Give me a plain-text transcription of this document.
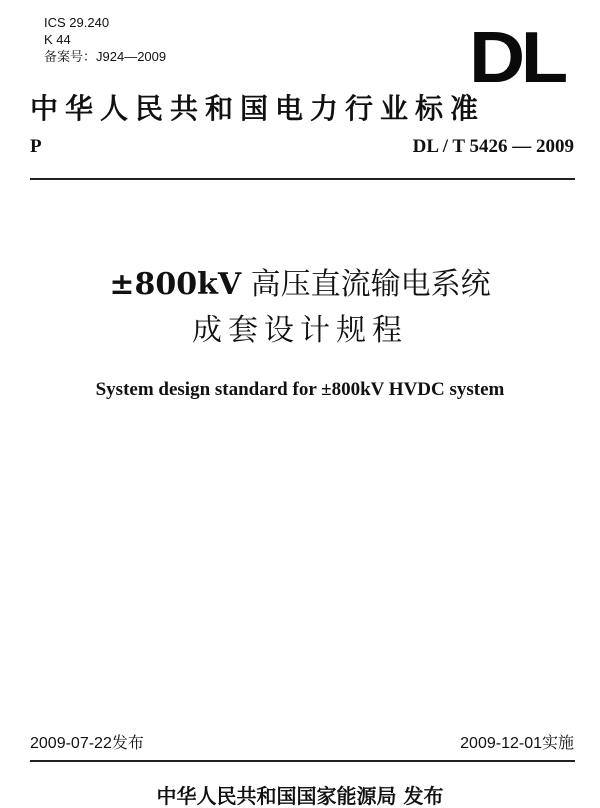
ICS 29.240
K 44
备案号：J924—2009	DL
中华人民共和国电力行业标准
P	DL / T 5426 — 2009
±800kV 高压直流输电系统
成套设计规程
System design standard for ±800kV HVDC system
2009-07-22发布	2009-12-01实施
中华人民共和国国家能源局 发布
